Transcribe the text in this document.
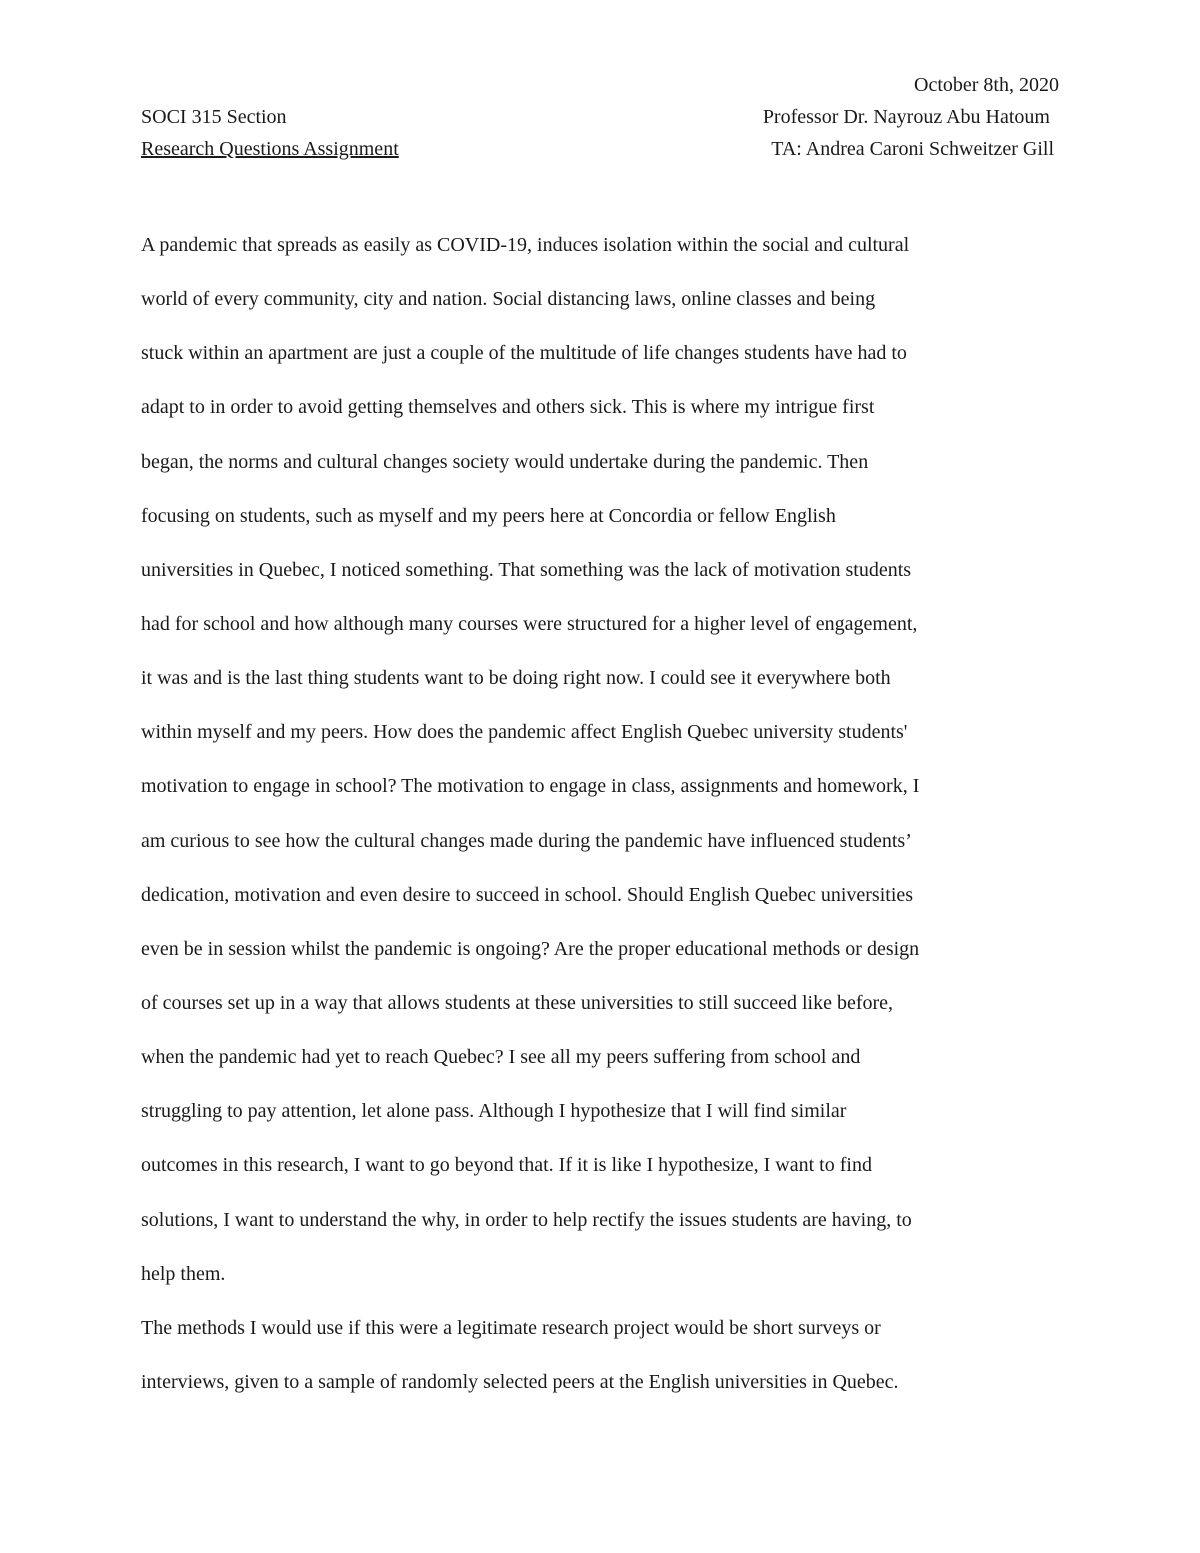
October 8th, 2020
SOCI 315 Section
Research Questions Assignment
Professor Dr. Nayrouz Abu Hatoum
TA: Andrea Caroni Schweitzer Gill
A pandemic that spreads as easily as COVID-19, induces isolation within the social and cultural
world of every community, city and nation. Social distancing laws, online classes and being
stuck within an apartment are just a couple of the multitude of life changes students have had to
adapt to in order to avoid getting themselves and others sick. This is where my intrigue first
began, the norms and cultural changes society would undertake during the pandemic. Then
focusing on students, such as myself and my peers here at Concordia or fellow English
universities in Quebec, I noticed something. That something was the lack of motivation students
had for school and how although many courses were structured for a higher level of engagement,
it was and is the last thing students want to be doing right now. I could see it everywhere both
within myself and my peers. How does the pandemic affect English Quebec university students'
motivation to engage in school? The motivation to engage in class, assignments and homework, I
am curious to see how the cultural changes made during the pandemic have influenced students’
dedication, motivation and even desire to succeed in school. Should English Quebec universities
even be in session whilst the pandemic is ongoing? Are the proper educational methods or design
of courses set up in a way that allows students at these universities to still succeed like before,
when the pandemic had yet to reach Quebec? I see all my peers suffering from school and
struggling to pay attention, let alone pass. Although I hypothesize that I will find similar
outcomes in this research, I want to go beyond that. If it is like I hypothesize, I want to find
solutions, I want to understand the why, in order to help rectify the issues students are having, to
help them.
The methods I would use if this were a legitimate research project would be short surveys or
interviews, given to a sample of randomly selected peers at the English universities in Quebec.
